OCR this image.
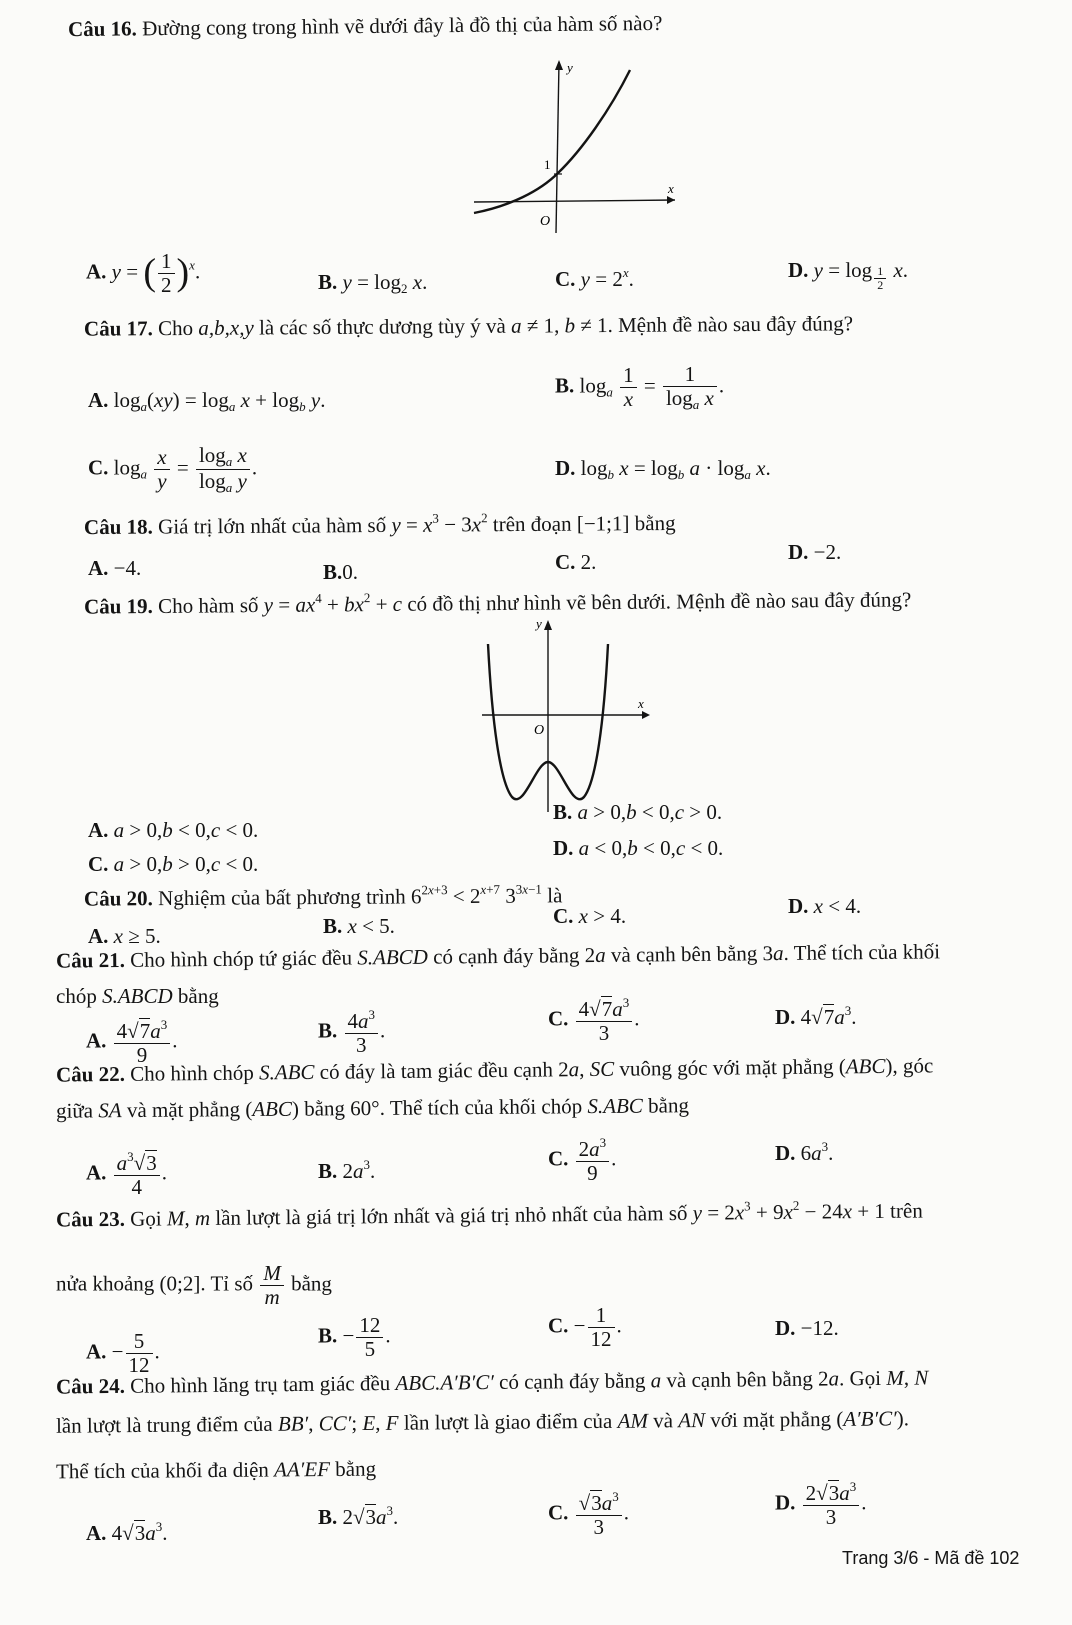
Câu 16. Đường cong trong hình vẽ dưới đây là đồ thị của hàm số nào?
y
x
O
1
A. y = ( $\frac{1}{2} )^x$.	B. $y = \log_2 x$.	C. $y = 2^x$.	D. $y = \log \frac{1}{2} x$.
Câu 17. Cho a,b,x,y là các số thực dương tùy ý và a ≠ 1, b ≠ 1. Mệnh đề nào sau đây đúng?
A. $\log_a(xy) = \log_a x + \log_b y$.
B. $\log_a \frac{1}{x} = \frac{1}{\log_a x}$ .
C. $\log_a \frac{x}{y} = \frac{\log_a x}{\log_a y}$ .	D. $\log_b x = \log_b a \cdot \log_a x$.
Câu 18. Giá trị lớn nhất của hàm số $y = x^3 - 3x^2$ trên đoạn [−1;1] bằng
A. −4.	B.0.	C. 2.	D. −2.
Câu 19. Cho hàm số $y = ax^4 + bx^2 + c$ có đồ thị như hình vẽ bên dưới. Mệnh đề nào sau đây đúng?
y
x
O
A. a > 0,b < 0,c < 0.
B. a > 0,b < 0,c > 0.
C. a > 0,b > 0,c < 0.
D. a < 0,b < 0,c < 0.
Câu 20. Nghiệm của bất phương trình $6^{2x+3} < 2^{x+7}$ $3^{3x-1}$ là
A. x ≥ 5.	B. x < 5.	C. x > 4.	D. x < 4.
Câu 21. Cho hình chóp tứ giác đều S.ABCD có cạnh đáy bằng 2a và cạnh bên bằng 3a. Thể tích của khối
chóp S.ABCD bằng
A. $\frac{4√7a^3}{9}$ .	B. $\frac{4a^3}{3}$ .	C. $\frac{4√7a^3}{3}$ .	D. $4√7a^3$.
Câu 22. Cho hình chóp S.ABC có đáy là tam giác đều cạnh 2a, SC vuông góc với mặt phẳng (ABC), góc
giữa SA và mặt phẳng (ABC) bằng 60°. Thể tích của khối chóp S.ABC bằng
A. $\frac{a^3√3}{4}$ .	B. $2a^3$.
C. $\frac{2a^3}{9}$ .	D. $6a^3$.
Câu 23. Gọi M, m lần lượt là giá trị lớn nhất và giá trị nhỏ nhất của hàm số $y = 2x^3 + 9x^2 - 24x + 1$ trên
nửa khoảng (0;2]. Tỉ số $\frac{M}{m}$ bằng
A. − $\frac{5}{12}$ .
B. − $\frac{12}{5}$ .	C. − $\frac{1}{12}$ .	D. −12.
Câu 24. Cho hình lăng trụ tam giác đều ABC.A′B′C′ có cạnh đáy bằng a và cạnh bên bằng 2a. Gọi M, N
lần lượt là trung điểm của BB′, CC′; E, F lần lượt là giao điểm của AM và AN với mặt phẳng (A′B′C′).
Thể tích của khối đa diện AA′EF bằng
A. $4√3a^3$.
B. $2√3a^3$.	C. $\frac{√3a^3}{3}$ .	D. $\frac{2√3a^3}{3}$ .
Trang 3/6 - Mã đề 102
